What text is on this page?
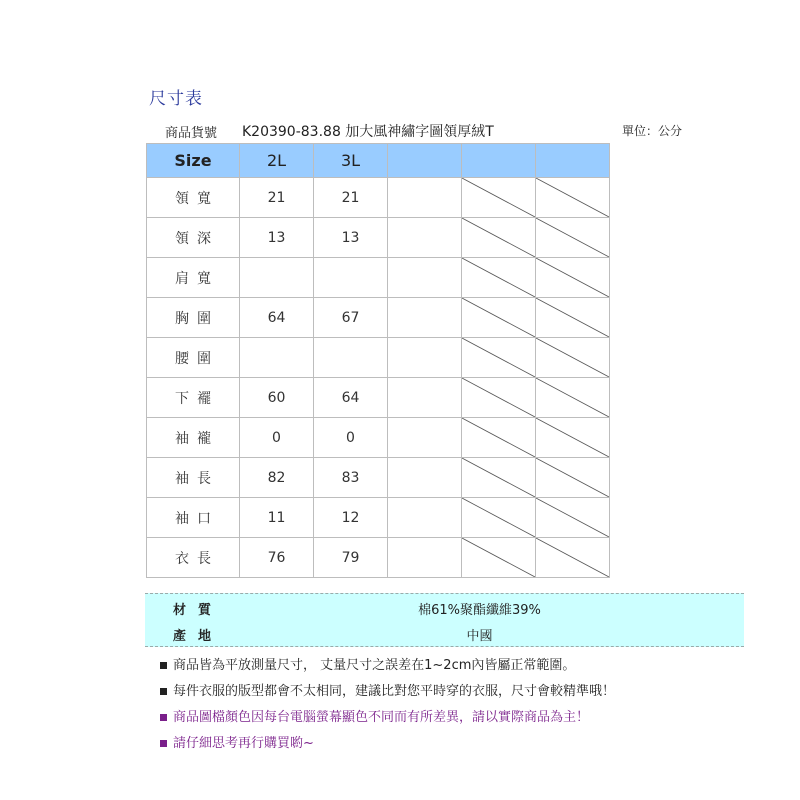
尺寸表
商品貨號 K20390-83.88 加大風神繡字圖領厚絨T	單位：公分
Size	2L	3L			
領寬	21	21		

領深	13	13		

肩寬				

胸圍	64	67		

腰圍				

下襬	60	64		

袖襱	0	0		

袖長	82	83		

袖口	11	12		

衣長	76	79		

材質	棉61%聚酯纖維39%
產地	中國
商品皆為平放測量尺寸， 丈量尺寸之誤差在1~2cm內皆屬正常範圍。
每件衣服的版型都會不太相同，建議比對您平時穿的衣服，尺寸會較精準哦！
商品圖檔顏色因每台電腦螢幕顯色不同而有所差異，請以實際商品為主！
請仔細思考再行購買喲~
